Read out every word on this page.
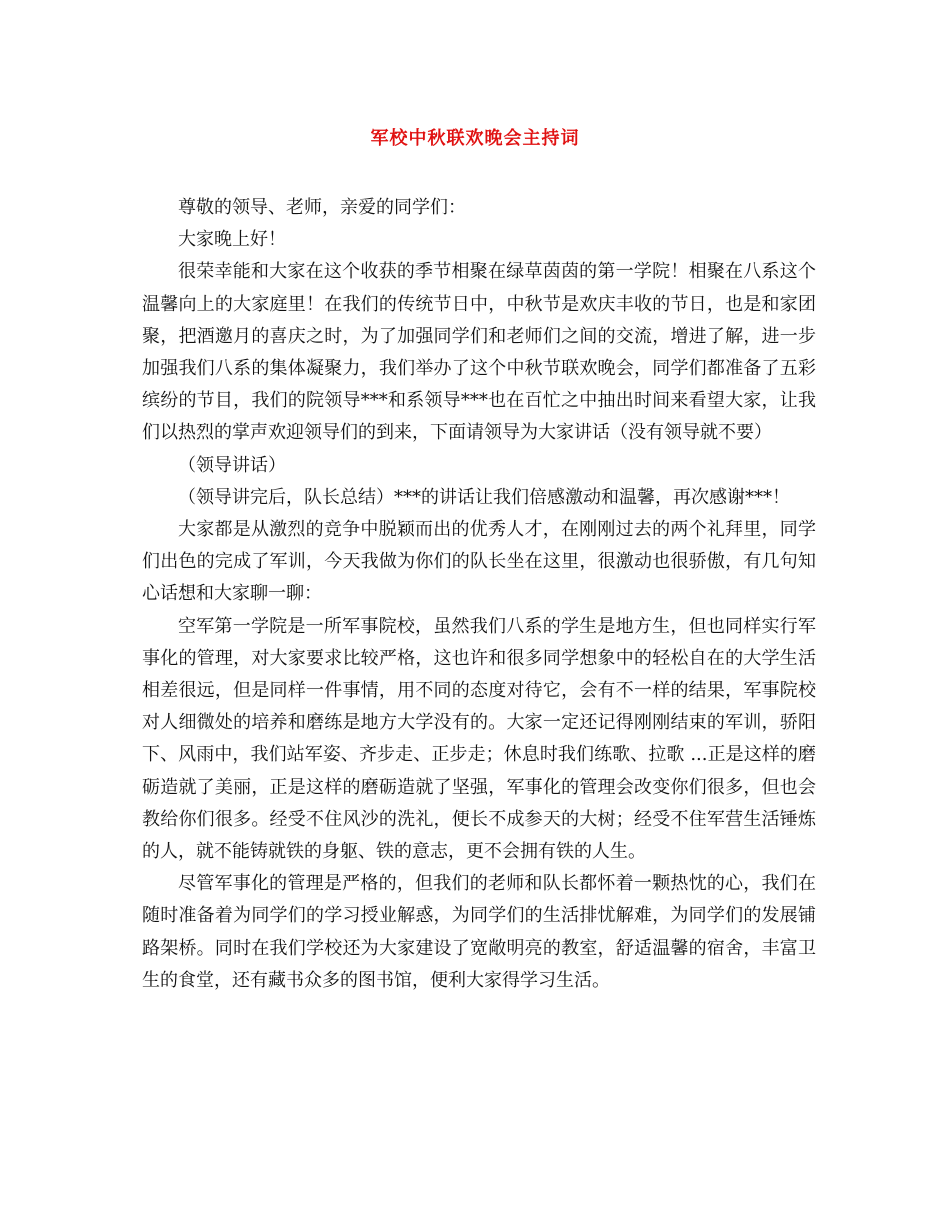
军校中秋联欢晚会主持词

尊敬的领导、老师，亲爱的同学们：

大家晚上好！

很荣幸能和大家在这个收获的季节相聚在绿草茵茵的第一学院！相聚在八系这个温馨向上的大家庭里！在我们的传统节日中，中秋节是欢庆丰收的节日，也是和家团聚，把酒邀月的喜庆之时，为了加强同学们和老师们之间的交流，增进了解，进一步加强我们八系的集体凝聚力，我们举办了这个中秋节联欢晚会，同学们都准备了五彩缤纷的节目，我们的院领导***和系领导***也在百忙之中抽出时间来看望大家，让我们以热烈的掌声欢迎领导们的到来，下面请领导为大家讲话（没有领导就不要）

（领导讲话）

（领导讲完后，队长总结）***的讲话让我们倍感激动和温馨，再次感谢***！

大家都是从激烈的竞争中脱颖而出的优秀人才，在刚刚过去的两个礼拜里，同学们出色的完成了军训，今天我做为你们的队长坐在这里，很激动也很骄傲，有几句知心话想和大家聊一聊：

空军第一学院是一所军事院校，虽然我们八系的学生是地方生，但也同样实行军事化的管理，对大家要求比较严格，这也许和很多同学想象中的轻松自在的大学生活相差很远，但是同样一件事情，用不同的态度对待它，会有不一样的结果，军事院校对人细微处的培养和磨练是地方大学没有的。大家一定还记得刚刚结束的军训，骄阳下、风雨中，我们站军姿、齐步走、正步走；休息时我们练歌、拉歌 ...正是这样的磨砺造就了美丽，正是这样的磨砺造就了坚强，军事化的管理会改变你们很多，但也会教给你们很多。经受不住风沙的洗礼，便长不成参天的大树；经受不住军营生活锤炼的人，就不能铸就铁的身躯、铁的意志，更不会拥有铁的人生。

尽管军事化的管理是严格的，但我们的老师和队长都怀着一颗热忱的心，我们在随时准备着为同学们的学习授业解惑，为同学们的生活排忧解难，为同学们的发展铺路架桥。同时在我们学校还为大家建设了宽敞明亮的教室，舒适温馨的宿舍，丰富卫生的食堂，还有藏书众多的图书馆，便利大家得学习生活。
